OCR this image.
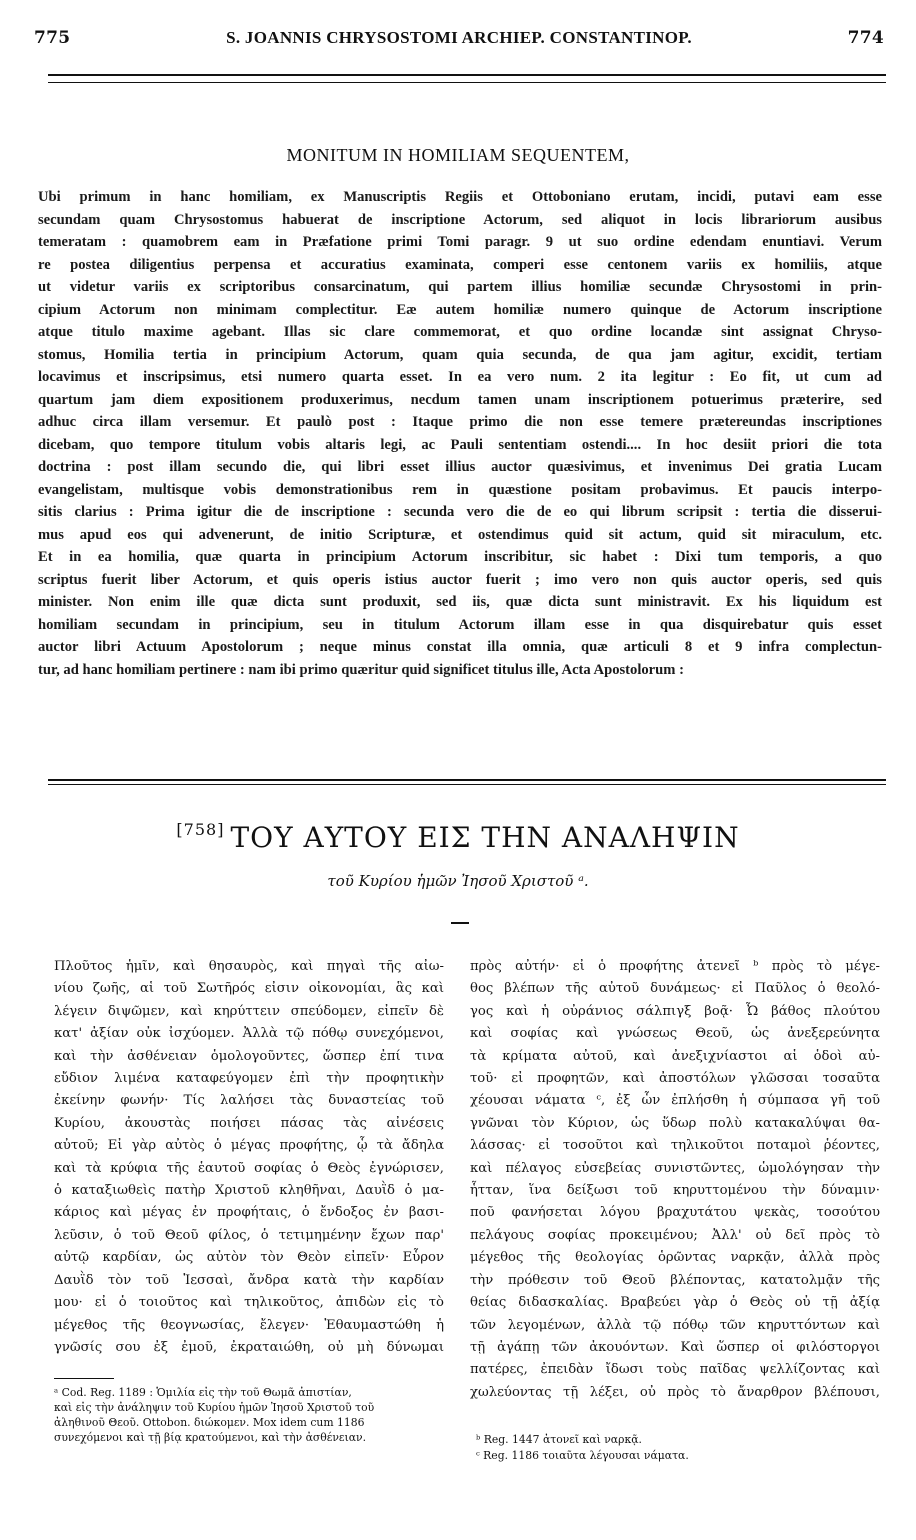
775	S. JOANNIS CHRYSOSTOMI ARCHIEP. CONSTANTINOP.	774
MONITUM IN HOMILIAM SEQUENTEM,
Ubi primum in hanc homiliam, ex Manuscriptis Regiis et Ottoboniano erutam, incidi, putavi eam esse
secundam quam Chrysostomus habuerat de inscriptione Actorum, sed aliquot in locis librariorum ausibus
temeratam : quamobrem eam in Præfatione primi Tomi paragr. 9 ut suo ordine edendam enuntiavi. Verum
re postea diligentius perpensa et accuratius examinata, comperi esse centonem variis ex homiliis, atque
ut videtur variis ex scriptoribus consarcinatum, qui partem illius homiliæ secundæ Chrysostomi in prin-
cipium Actorum non minimam complectitur. Eæ autem homiliæ numero quinque de Actorum inscriptione
atque titulo maxime agebant. Illas sic clare commemorat, et quo ordine locandæ sint assignat Chryso-
stomus, Homilia tertia in principium Actorum, quam quia secunda, de qua jam agitur, excidit, tertiam
locavimus et inscripsimus, etsi numero quarta esset. In ea vero num. 2 ita legitur : Eo fit, ut cum ad
quartum jam diem expositionem produxerimus, necdum tamen unam inscriptionem potuerimus præterire, sed
adhuc circa illam versemur. Et paulò post : Itaque primo die non esse temere prætereundas inscriptiones
dicebam, quo tempore titulum vobis altaris legi, ac Pauli sententiam ostendi.... In hoc desiit priori die tota
doctrina : post illam secundo die, qui libri esset illius auctor quæsivimus, et invenimus Dei gratia Lucam
evangelistam, multisque vobis demonstrationibus rem in quæstione positam probavimus. Et paucis interpo-
sitis clarius : Prima igitur die de inscriptione : secunda vero die de eo qui librum scripsit : tertia die disserui-
mus apud eos qui advenerunt, de initio Scripturæ, et ostendimus quid sit actum, quid sit miraculum, etc.
Et in ea homilia, quæ quarta in principium Actorum inscribitur, sic habet : Dixi tum temporis, a quo
scriptus fuerit liber Actorum, et quis operis istius auctor fuerit ; imo vero non quis auctor operis, sed quis
minister. Non enim ille quæ dicta sunt produxit, sed iis, quæ dicta sunt ministravit. Ex his liquidum est
homiliam secundam in principium, seu in titulum Actorum illam esse in qua disquirebatur quis esset
auctor libri Actuum Apostolorum ; neque minus constat illa omnia, quæ articuli 8 et 9 infra complectun-
tur, ad hanc homiliam pertinere : nam ibi primo quæritur quid significet titulus ille, Acta Apostolorum :
[758] ΤΟΥ ΑΥΤΟΥ ΕΙΣ ΤΗΝ ΑΝΑΛΗΨΙΝ
τοῦ Κυρίου ἡμῶν Ἰησοῦ Χριστοῦ ᵃ.
Πλοῦτος ἡμῖν, καὶ θησαυρὸς, καὶ πηγαὶ τῆς αἰω-
νίου ζωῆς, αἱ τοῦ Σωτῆρός εἰσιν οἰκονομίαι, ἃς καὶ
λέγειν διψῶμεν, καὶ κηρύττειν σπεύδομεν, εἰπεῖν δὲ
κατ' ἀξίαν οὐκ ἰσχύομεν. Ἀλλὰ τῷ πόθῳ συνεχόμενοι,
καὶ τὴν ἀσθένειαν ὁμολογοῦντες, ὥσπερ ἐπί τινα
εὔδιον λιμένα καταφεύγομεν ἐπὶ τὴν προφητικὴν
ἐκείνην φωνήν· Τίς λαλήσει τὰς δυναστείας τοῦ
Κυρίου, ἀκουστὰς ποιήσει πάσας τὰς αἰνέσεις
αὐτοῦ; Εἰ γὰρ αὐτὸς ὁ μέγας προφήτης, ᾧ τὰ ἄδηλα
καὶ τὰ κρύφια τῆς ἑαυτοῦ σοφίας ὁ Θεὸς ἐγνώρισεν,
ὁ καταξιωθεὶς πατὴρ Χριστοῦ κληθῆναι, Δαυῒδ ὁ μα-
κάριος καὶ μέγας ἐν προφήταις, ὁ ἔνδοξος ἐν βασι-
λεῦσιν, ὁ τοῦ Θεοῦ φίλος, ὁ τετιμημένην ἔχων παρ'
αὐτῷ καρδίαν, ὡς αὐτὸν τὸν Θεὸν εἰπεῖν· Εὗρον
Δαυῒδ τὸν τοῦ Ἰεσσαὶ, ἄνδρα κατὰ τὴν καρδίαν
μου· εἰ ὁ τοιοῦτος καὶ τηλικοῦτος, ἀπιδὼν εἰς τὸ
μέγεθος τῆς θεογνωσίας, ἔλεγεν· Ἐθαυμαστώθη ἡ
γνῶσίς σου ἐξ ἐμοῦ, ἐκραταιώθη, οὐ μὴ δύνωμαι
πρὸς αὐτήν· εἰ ὁ προφήτης ἀτενεῖ ᵇ πρὸς τὸ μέγε-
θος βλέπων τῆς αὐτοῦ δυνάμεως· εἰ Παῦλος ὁ θεολό-
γος καὶ ἡ οὐράνιος σάλπιγξ βοᾷ· Ὦ βάθος πλούτου
καὶ σοφίας καὶ γνώσεως Θεοῦ, ὡς ἀνεξερεύνητα
τὰ κρίματα αὐτοῦ, καὶ ἀνεξιχνίαστοι αἱ ὁδοὶ αὐ-
τοῦ· εἰ προφητῶν, καὶ ἀποστόλων γλῶσσαι τοσαῦτα
χέουσαι νάματα ᶜ, ἐξ ὧν ἐπλήσθη ἡ σύμπασα γῆ τοῦ
γνῶναι τὸν Κύριον, ὡς ὕδωρ πολὺ κατακαλύψαι θα-
λάσσας· εἰ τοσοῦτοι καὶ τηλικοῦτοι ποταμοὶ ῥέοντες,
καὶ πέλαγος εὐσεβείας συνιστῶντες, ὡμολόγησαν τὴν
ἧτταν, ἵνα δείξωσι τοῦ κηρυττομένου τὴν δύναμιν·
ποῦ φανήσεται λόγου βραχυτάτου ψεκὰς, τοσούτου
πελάγους σοφίας προκειμένου; Ἀλλ' οὐ δεῖ πρὸς τὸ
μέγεθος τῆς θεολογίας ὁρῶντας ναρκᾷν, ἀλλὰ πρὸς
τὴν πρόθεσιν τοῦ Θεοῦ βλέποντας, κατατολμᾷν τῆς
θείας διδασκαλίας. Βραβεύει γὰρ ὁ Θεὸς οὐ τῇ ἀξίᾳ
τῶν λεγομένων, ἀλλὰ τῷ πόθῳ τῶν κηρυττόντων καὶ
τῇ ἀγάπῃ τῶν ἀκουόντων. Καὶ ὥσπερ οἱ φιλόστοργοι
πατέρες, ἐπειδὰν ἴδωσι τοὺς παῖδας ψελλίζοντας καὶ
χωλεύοντας τῇ λέξει, οὐ πρὸς τὸ ἄναρθρον βλέπουσι,
ᵃ Cod. Reg. 1189 : Ὁμιλία εἰς τὴν τοῦ Θωμᾶ ἀπιστίαν,
καὶ εἰς τὴν ἀνάληψιν τοῦ Κυρίου ἡμῶν Ἰησοῦ Χριστοῦ τοῦ
ἀληθινοῦ Θεοῦ. Ottobon. διώκομεν. Mox idem cum 1186
συνεχόμενοι καὶ τῇ βίᾳ κρατούμενοι, καὶ τὴν ἀσθένειαν.	ᵇ Reg. 1447 ἀτονεῖ καὶ ναρκᾷ.
ᶜ Reg. 1186 τοιαῦτα λέγουσαι νάματα.
